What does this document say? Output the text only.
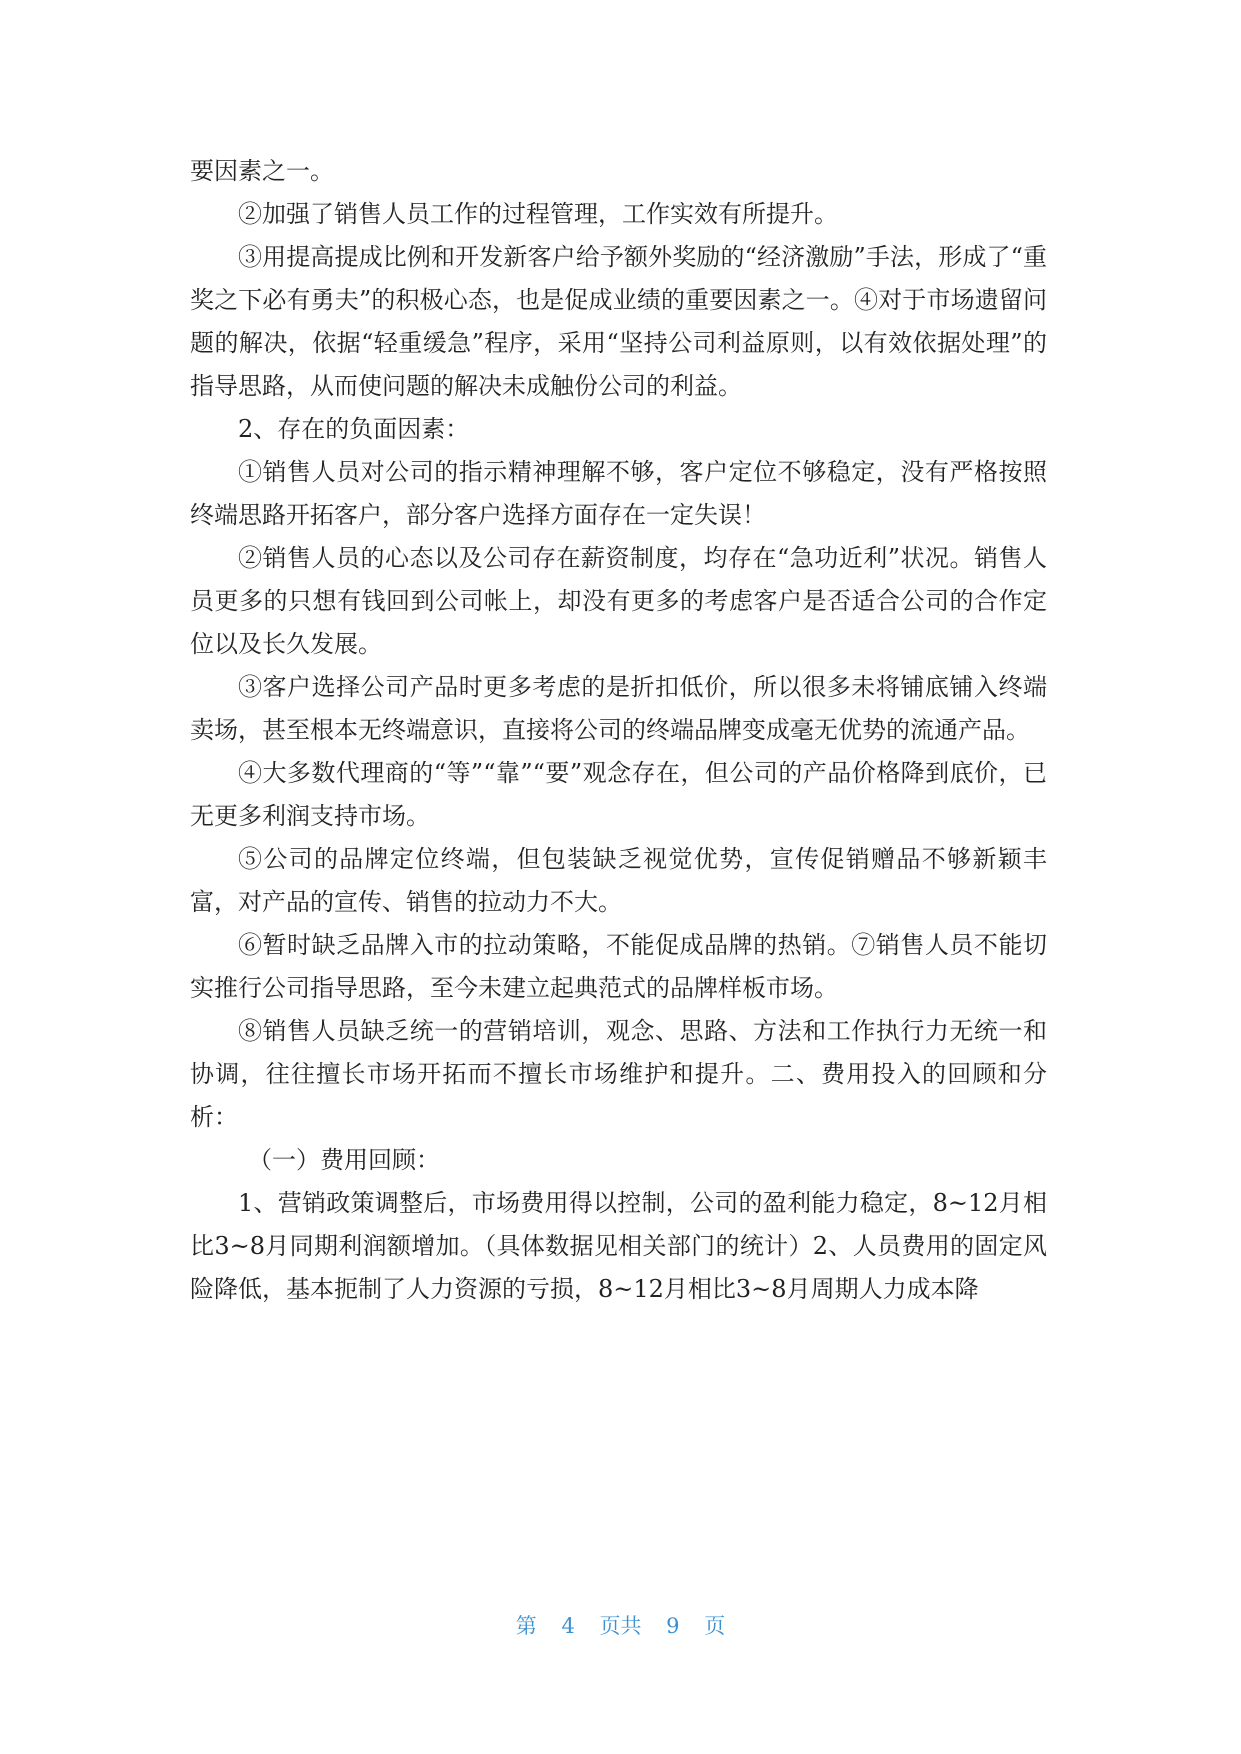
要因素之一。

②加强了销售人员工作的过程管理，工作实效有所提升。

③用提高提成比例和开发新客户给予额外奖励的“经济激励”手法，形成了“重奖之下必有勇夫”的积极心态，也是促成业绩的重要因素之一。④对于市场遗留问题的解决，依据“轻重缓急”程序，采用“坚持公司利益原则，以有效依据处理”的指导思路，从而使问题的解决未成触份公司的利益。

2、存在的负面因素：

①销售人员对公司的指示精神理解不够，客户定位不够稳定，没有严格按照终端思路开拓客户，部分客户选择方面存在一定失误！

②销售人员的心态以及公司存在薪资制度，均存在“急功近利”状况。销售人员更多的只想有钱回到公司帐上，却没有更多的考虑客户是否适合公司的合作定位以及长久发展。

③客户选择公司产品时更多考虑的是折扣低价，所以很多未将铺底铺入终端卖场，甚至根本无终端意识，直接将公司的终端品牌变成毫无优势的流通产品。

④大多数代理商的“等”“靠”“要”观念存在，但公司的产品价格降到底价，已无更多利润支持市场。

⑤公司的品牌定位终端，但包装缺乏视觉优势，宣传促销赠品不够新颖丰富，对产品的宣传、销售的拉动力不大。

⑥暂时缺乏品牌入市的拉动策略，不能促成品牌的热销。⑦销售人员不能切实推行公司指导思路，至今未建立起典范式的品牌样板市场。

⑧销售人员缺乏统一的营销培训，观念、思路、方法和工作执行力无统一和协调，往往擅长市场开拓而不擅长市场维护和提升。二、费用投入的回顾和分析：

（一）费用回顾：

1、营销政策调整后，市场费用得以控制，公司的盈利能力稳定，8~12月相比3~8月同期利润额增加。（具体数据见相关部门的统计）2、人员费用的固定风险降低，基本扼制了人力资源的亏损，8~12月相比3~8月周期人力成本降

第 4 页共 9 页
